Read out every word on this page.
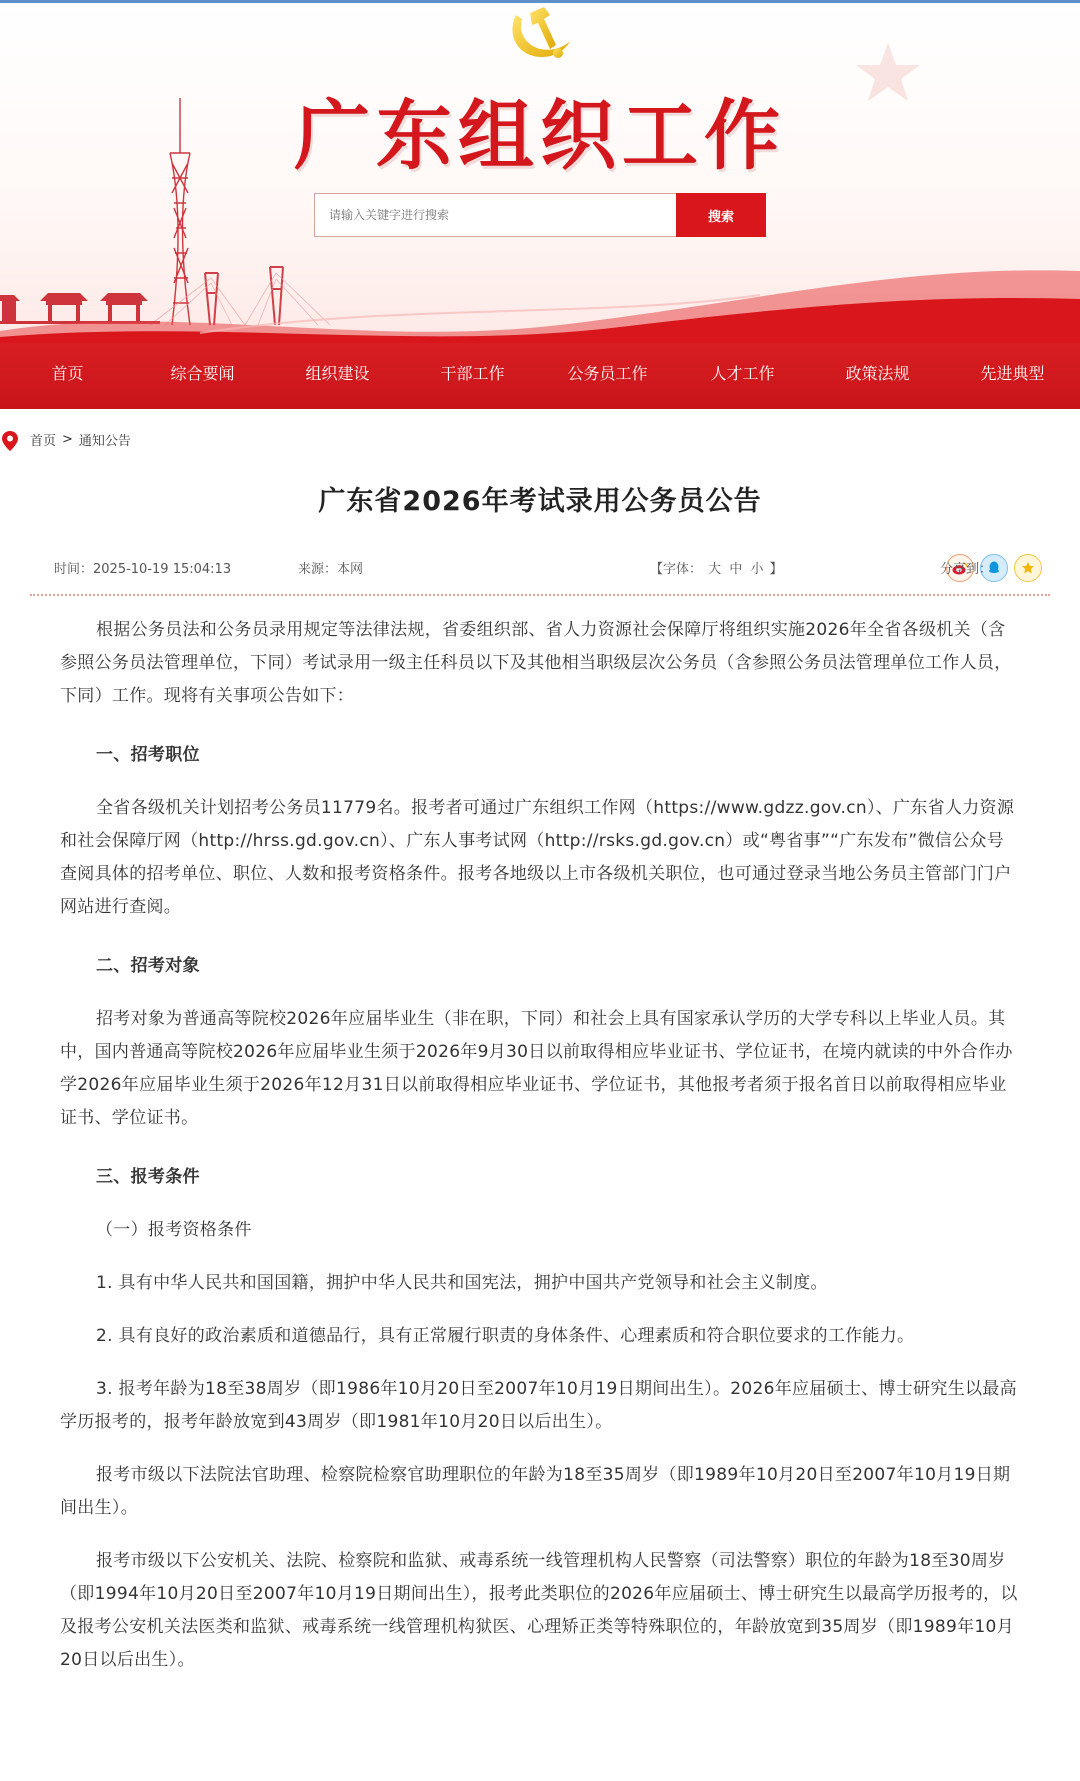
广东组织工作
请输入关键字进行搜索
搜索
首页	综合要闻	组织建设	干部工作	公务员工作	人才工作	政策法规	先进典型
首页 > 通知公告
广东省2026年考试录用公务员公告
时间：2025-10-19 15:04:13	来源：本网	【字体： 大 中 小 】	分享到：

根据公务员法和公务员录用规定等法律法规，省委组织部、省人力资源社会保障厅将组织实施2026年全省各级机关（含参照公务员法管理单位，下同）考试录用一级主任科员以下及其他相当职级层次公务员（含参照公务员法管理单位工作人员，下同）工作。现将有关事项公告如下：

一、招考职位

全省各级机关计划招考公务员11779名。报考者可通过广东组织工作网（https://www.gdzz.gov.cn）、广东省人力资源和社会保障厅网（http://hrss.gd.gov.cn）、广东人事考试网（http://rsks.gd.gov.cn）或“粤省事”“广东发布”微信公众号查阅具体的招考单位、职位、人数和报考资格条件。报考各地级以上市各级机关职位，也可通过登录当地公务员主管部门门户网站进行查阅。

二、招考对象

招考对象为普通高等院校2026年应届毕业生（非在职，下同）和社会上具有国家承认学历的大学专科以上毕业人员。其中，国内普通高等院校2026年应届毕业生须于2026年9月30日以前取得相应毕业证书、学位证书，在境内就读的中外合作办学2026年应届毕业生须于2026年12月31日以前取得相应毕业证书、学位证书，其他报考者须于报名首日以前取得相应毕业证书、学位证书。

三、报考条件

（一）报考资格条件

1. 具有中华人民共和国国籍，拥护中华人民共和国宪法，拥护中国共产党领导和社会主义制度。

2. 具有良好的政治素质和道德品行，具有正常履行职责的身体条件、心理素质和符合职位要求的工作能力。

3. 报考年龄为18至38周岁（即1986年10月20日至2007年10月19日期间出生）。2026年应届硕士、博士研究生以最高学历报考的，报考年龄放宽到43周岁（即1981年10月20日以后出生）。

报考市级以下法院法官助理、检察院检察官助理职位的年龄为18至35周岁（即1989年10月20日至2007年10月19日期间出生）。

报考市级以下公安机关、法院、检察院和监狱、戒毒系统一线管理机构人民警察（司法警察）职位的年龄为18至30周岁（即1994年10月20日至2007年10月19日期间出生），报考此类职位的2026年应届硕士、博士研究生以最高学历报考的，以及报考公安机关法医类和监狱、戒毒系统一线管理机构狱医、心理矫正类等特殊职位的，年龄放宽到35周岁（即1989年10月20日以后出生）。
